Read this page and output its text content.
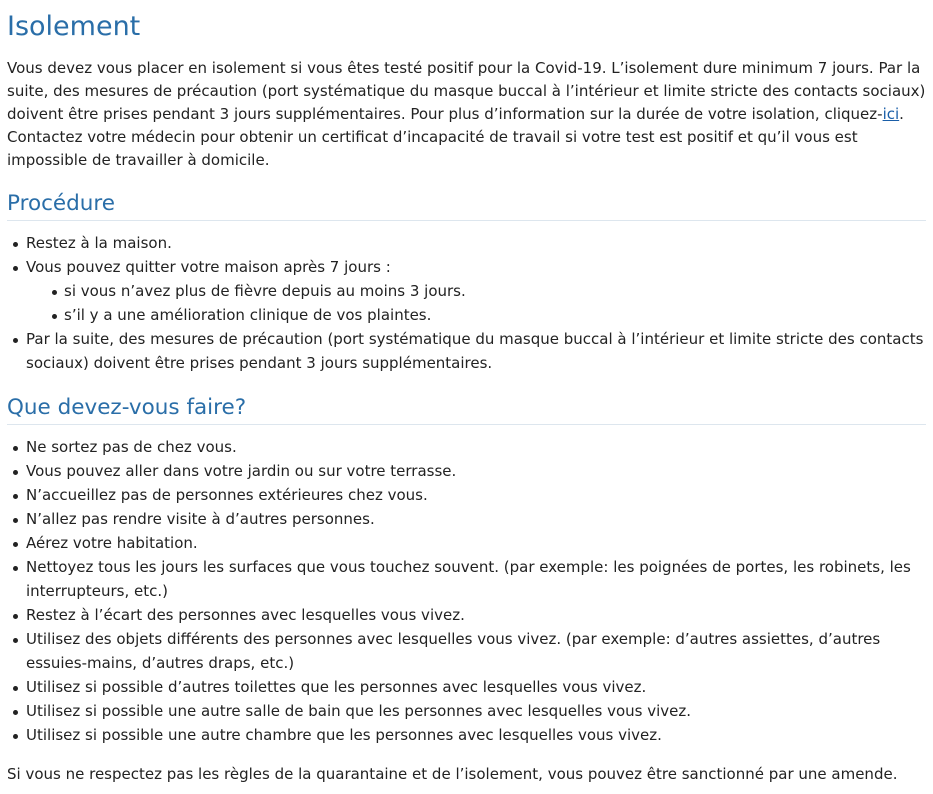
Isolement

Vous devez vous placer en isolement si vous êtes testé positif pour la Covid-19. L’isolement dure minimum 7 jours. Par la suite, des mesures de précaution (port systématique du masque buccal à l’intérieur et limite stricte des contacts sociaux) doivent être prises pendant 3 jours supplémentaires. Pour plus d’information sur la durée de votre isolation, cliquez-ici. Contactez votre médecin pour obtenir un certificat d’incapacité de travail si votre test est positif et qu’il vous est impossible de travailler à domicile.

Procédure
Restez à la maison.
Vous pouvez quitter votre maison après 7 jours :
si vous n’avez plus de fièvre depuis au moins 3 jours.
s’il y a une amélioration clinique de vos plaintes.
Par la suite, des mesures de précaution (port systématique du masque buccal à l’intérieur et limite stricte des contacts sociaux) doivent être prises pendant 3 jours supplémentaires.
Que devez-vous faire?
Ne sortez pas de chez vous.
Vous pouvez aller dans votre jardin ou sur votre terrasse.
N’accueillez pas de personnes extérieures chez vous.
N’allez pas rendre visite à d’autres personnes.
Aérez votre habitation.
Nettoyez tous les jours les surfaces que vous touchez souvent. (par exemple: les poignées de portes, les robinets, les interrupteurs, etc.)
Restez à l’écart des personnes avec lesquelles vous vivez.
Utilisez des objets différents des personnes avec lesquelles vous vivez. (par exemple: d’autres assiettes, d’autres essuies-mains, d’autres draps, etc.)
Utilisez si possible d’autres toilettes que les personnes avec lesquelles vous vivez.
Utilisez si possible une autre salle de bain que les personnes avec lesquelles vous vivez.
Utilisez si possible une autre chambre que les personnes avec lesquelles vous vivez.

Si vous ne respectez pas les règles de la quarantaine et de l’isolement, vous pouvez être sanctionné par une amende.
